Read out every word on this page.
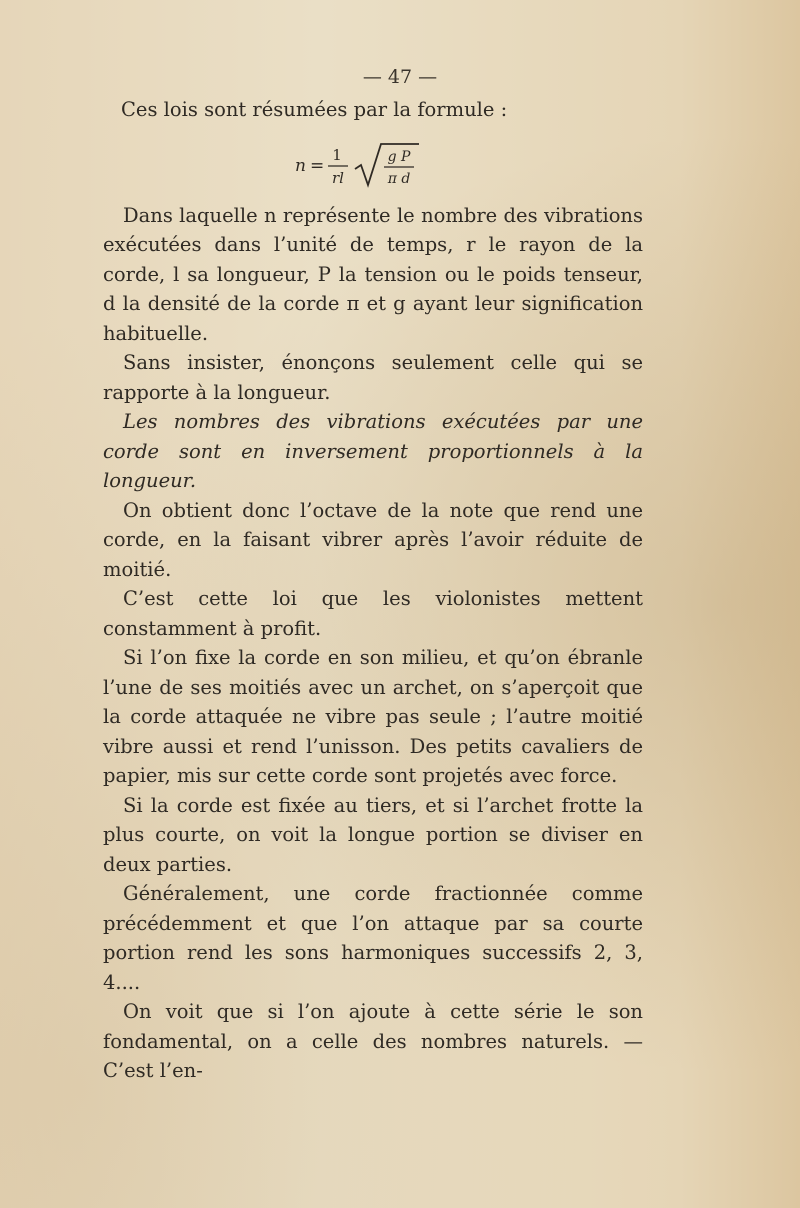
— 47 —

Ces lois sont résumées par la formule :

n =
1
rl
g P
π d

Dans laquelle n représente le nombre des vibrations exécutées dans l’unité de temps, r le rayon de la corde, l sa longueur, P la tension ou le poids tenseur, d la densité de la corde π et g ayant leur signification habituelle.

Sans insister, énonçons seulement celle qui se rapporte à la longueur.

Les nombres des vibrations exécutées par une corde sont en inversement proportionnels à la longueur.

On obtient donc l’octave de la note que rend une corde, en la faisant vibrer après l’avoir réduite de moitié.

C’est cette loi que les violonistes mettent constamment à profit.

Si l’on fixe la corde en son milieu, et qu’on ébranle l’une de ses moitiés avec un archet, on s’aperçoit que la corde attaquée ne vibre pas seule ; l’autre moitié vibre aussi et rend l’unisson. Des petits cavaliers de papier, mis sur cette corde sont projetés avec force.

Si la corde est fixée au tiers, et si l’archet frotte la plus courte, on voit la longue portion se diviser en deux parties.

Généralement, une corde fractionnée comme précédemment et que l’on attaque par sa courte portion rend les sons harmoniques successifs 2, 3, 4....

On voit que si l’on ajoute à cette série le son fondamental, on a celle des nombres naturels. — C’est l’en-
